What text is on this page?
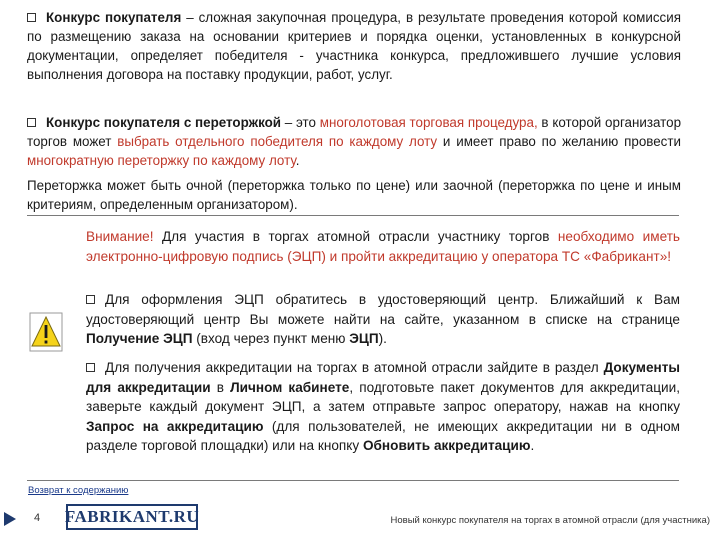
Конкурс покупателя – сложная закупочная процедура, в результате проведения которой комиссия по размещению заказа на основании критериев и порядка оценки, установленных в конкурсной документации, определяет победителя - участника конкурса, предложившего лучшие условия выполнения договора на поставку продукции, работ, услуг.
Конкурс покупателя с переторжкой – это многолотовая торговая процедура, в которой организатор торгов может выбрать отдельного победителя по каждому лоту и имеет право по желанию провести многократную переторжку по каждому лоту.
Переторжка может быть очной (переторжка только по цене) или заочной (переторжка по цене и иным критериям, определенным организатором).
Внимание! Для участия в торгах атомной отрасли участнику торгов необходимо иметь электронно-цифровую подпись (ЭЦП) и пройти аккредитацию у оператора ТС «Фабрикант»!
Для оформления ЭЦП обратитесь в удостоверяющий центр. Ближайший к Вам удостоверяющий центр Вы можете найти на сайте, указанном в списке на странице Получение ЭЦП (вход через пункт меню ЭЦП).
Для получения аккредитации на торгах в атомной отрасли зайдите в раздел Документы для аккредитации в Личном кабинете, подготовьте пакет документов для аккредитации, заверьте каждый документ ЭЦП, а затем отправьте запрос оператору, нажав на кнопку Запрос на аккредитацию (для пользователей, не имеющих аккредитации ни в одном разделе торговой площадки) или на кнопку Обновить аккредитацию.
Возврат к содержанию
4 FABRIKANT.RU	Новый конкурс покупателя на торгах в атомной отрасли (для участника)
